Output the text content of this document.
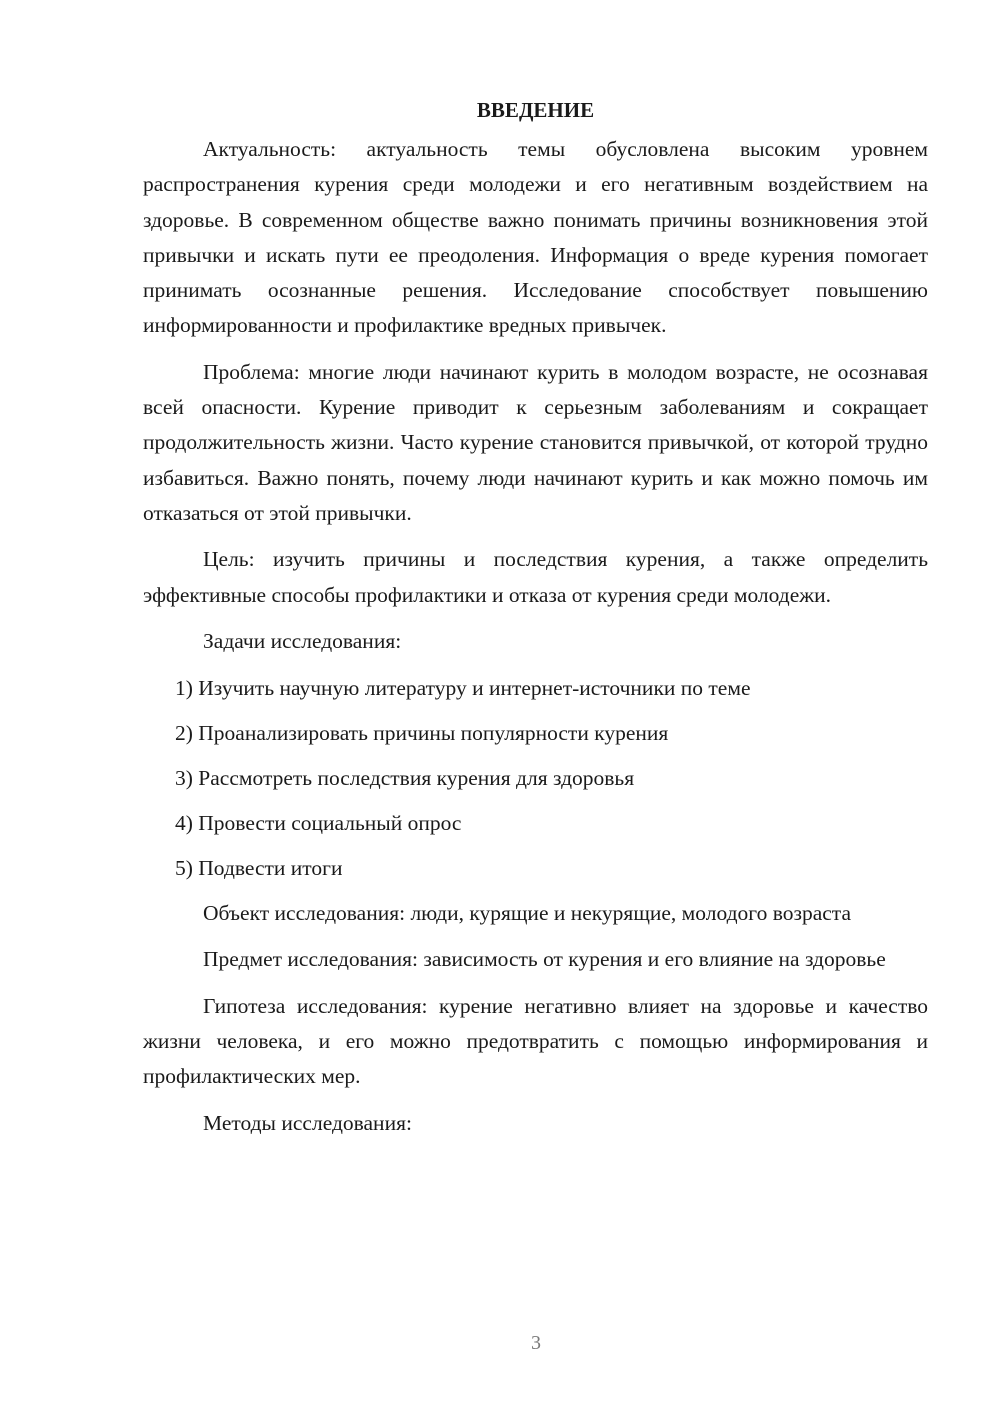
ВВЕДЕНИЕ

Актуальность: актуальность темы обусловлена высоким уровнем распространения курения среди молодежи и его негативным воздействием на здоровье. В современном обществе важно понимать причины возникновения этой привычки и искать пути ее преодоления. Информация о вреде курения помогает принимать осознанные решения. Исследование способствует повышению информированности и профилактике вредных привычек.

Проблема: многие люди начинают курить в молодом возрасте, не осознавая всей опасности. Курение приводит к серьезным заболеваниям и сокращает продолжительность жизни. Часто курение становится привычкой, от которой трудно избавиться. Важно понять, почему люди начинают курить и как можно помочь им отказаться от этой привычки.

Цель: изучить причины и последствия курения, а также определить эффективные способы профилактики и отказа от курения среди молодежи.

Задачи исследования:

1) Изучить научную литературу и интернет-источники по теме
2) Проанализировать причины популярности курения
3) Рассмотреть последствия курения для здоровья
4) Провести социальный опрос
5) Подвести итоги

Объект исследования: люди, курящие и некурящие, молодого возраста

Предмет исследования: зависимость от курения и его влияние на здоровье

Гипотеза исследования: курение негативно влияет на здоровье и качество жизни человека, и его можно предотвратить с помощью информирования и профилактических мер.

Методы исследования:

3
